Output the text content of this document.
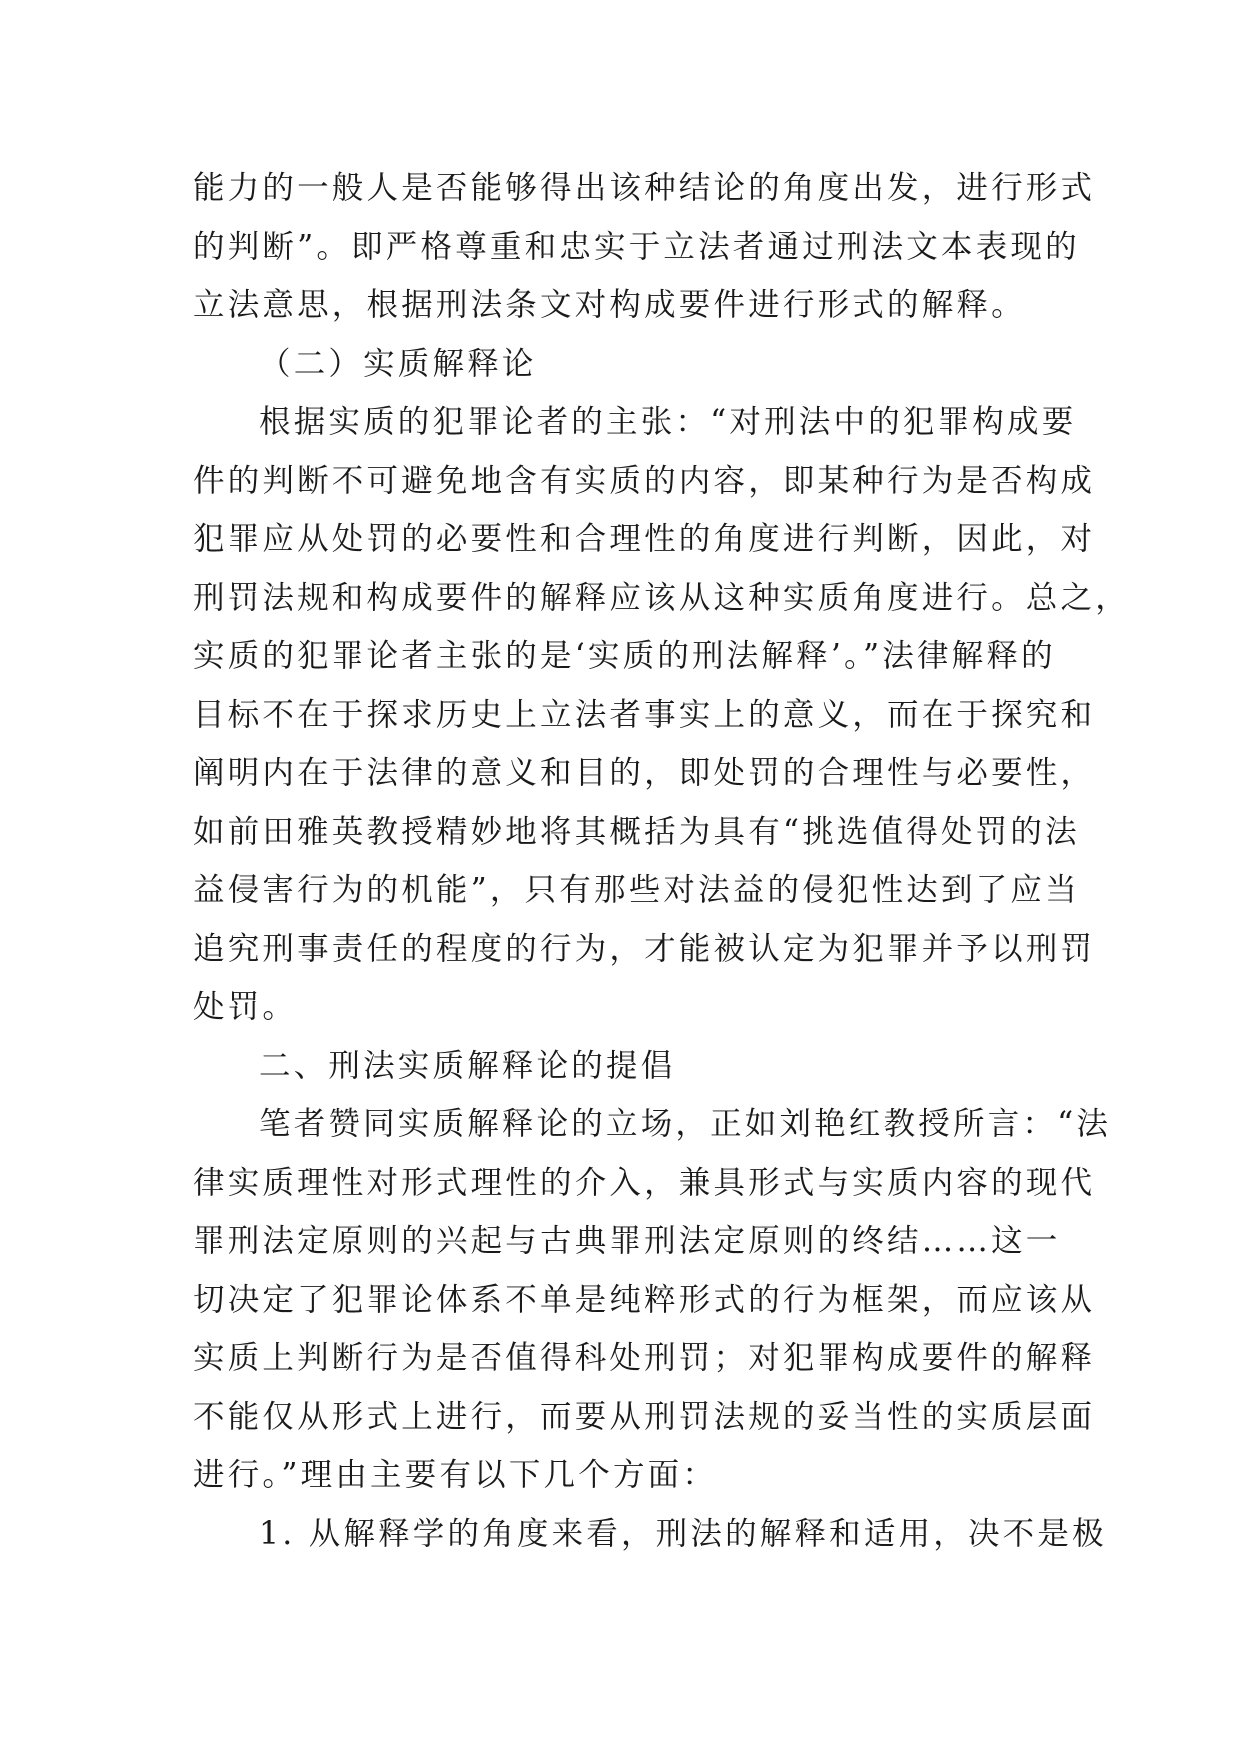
能力的一般人是否能够得出该种结论的角度出发，进行形式
的判断”。即严格尊重和忠实于立法者通过刑法文本表现的
立法意思，根据刑法条文对构成要件进行形式的解释。
（二）实质解释论
根据实质的犯罪论者的主张：“对刑法中的犯罪构成要
件的判断不可避免地含有实质的内容，即某种行为是否构成
犯罪应从处罚的必要性和合理性的角度进行判断，因此，对
刑罚法规和构成要件的解释应该从这种实质角度进行。总之，
实质的犯罪论者主张的是‘实质的刑法解释’。”法律解释的
目标不在于探求历史上立法者事实上的意义，而在于探究和
阐明内在于法律的意义和目的，即处罚的合理性与必要性，
如前田雅英教授精妙地将其概括为具有“挑选值得处罚的法
益侵害行为的机能”，只有那些对法益的侵犯性达到了应当
追究刑事责任的程度的行为，才能被认定为犯罪并予以刑罚
处罚。
二、刑法实质解释论的提倡
笔者赞同实质解释论的立场，正如刘艳红教授所言：“法
律实质理性对形式理性的介入，兼具形式与实质内容的现代
罪刑法定原则的兴起与古典罪刑法定原则的终结……这一
切决定了犯罪论体系不单是纯粹形式的行为框架，而应该从
实质上判断行为是否值得科处刑罚；对犯罪构成要件的解释
不能仅从形式上进行，而要从刑罚法规的妥当性的实质层面
进行。”理由主要有以下几个方面：
1. 从解释学的角度来看，刑法的解释和适用，决不是极
